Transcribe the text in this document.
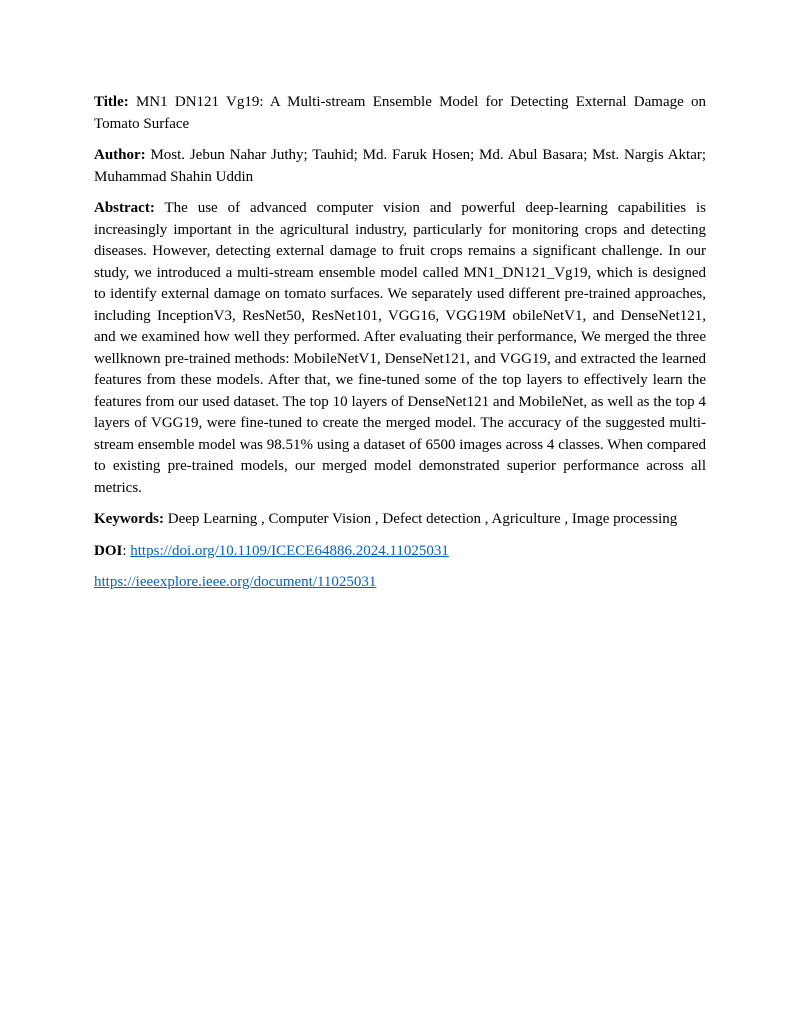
Title: MN1 DN121 Vg19: A Multi-stream Ensemble Model for Detecting External Damage on Tomato Surface

Author: Most. Jebun Nahar Juthy; Tauhid; Md. Faruk Hosen; Md. Abul Basara; Mst. Nargis Aktar; Muhammad Shahin Uddin

Abstract: The use of advanced computer vision and powerful deep-learning capabilities is increasingly important in the agricultural industry, particularly for monitoring crops and detecting diseases. However, detecting external damage to fruit crops remains a significant challenge. In our study, we introduced a multi-stream ensemble model called MN1_DN121_Vg19, which is designed to identify external damage on tomato surfaces. We separately used different pre-trained approaches, including InceptionV3, ResNet50, ResNet101, VGG16, VGG19M obileNetV1, and DenseNet121, and we examined how well they performed. After evaluating their performance, We merged the three wellknown pre-trained methods: MobileNetV1, DenseNet121, and VGG19, and extracted the learned features from these models. After that, we fine-tuned some of the top layers to effectively learn the features from our used dataset. The top 10 layers of DenseNet121 and MobileNet, as well as the top 4 layers of VGG19, were fine-tuned to create the merged model. The accuracy of the suggested multi-stream ensemble model was 98.51% using a dataset of 6500 images across 4 classes. When compared to existing pre-trained models, our merged model demonstrated superior performance across all metrics.

Keywords: Deep Learning , Computer Vision , Defect detection , Agriculture , Image processing

DOI: https://doi.org/10.1109/ICECE64886.2024.11025031

https://ieeexplore.ieee.org/document/11025031
